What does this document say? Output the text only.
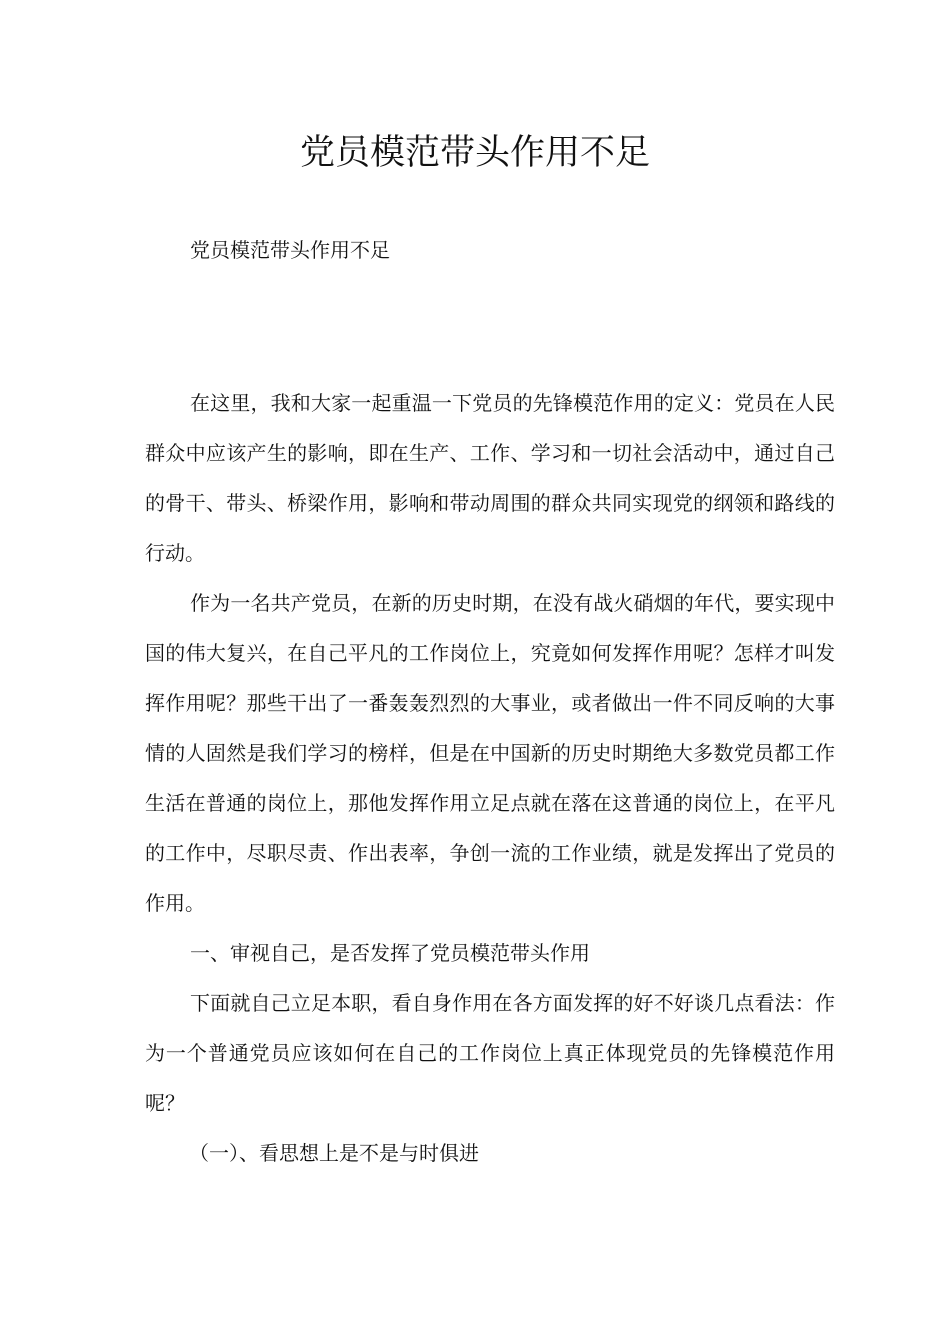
党员模范带头作用不足
党员模范带头作用不足

在这里，我和大家一起重温一下党员的先锋模范作用的定义：党员在人民群众中应该产生的影响，即在生产、工作、学习和一切社会活动中，通过自己的骨干、带头、桥梁作用，影响和带动周围的群众共同实现党的纲领和路线的行动。

作为一名共产党员，在新的历史时期，在没有战火硝烟的年代，要实现中国的伟大复兴，在自己平凡的工作岗位上，究竟如何发挥作用呢？怎样才叫发挥作用呢？那些干出了一番轰轰烈烈的大事业，或者做出一件不同反响的大事情的人固然是我们学习的榜样，但是在中国新的历史时期绝大多数党员都工作生活在普通的岗位上，那他发挥作用立足点就在落在这普通的岗位上，在平凡的工作中，尽职尽责、作出表率，争创一流的工作业绩，就是发挥出了党员的作用。

一、审视自己，是否发挥了党员模范带头作用

下面就自己立足本职，看自身作用在各方面发挥的好不好谈几点看法：作为一个普通党员应该如何在自己的工作岗位上真正体现党员的先锋模范作用呢？

（一）、看思想上是不是与时俱进
